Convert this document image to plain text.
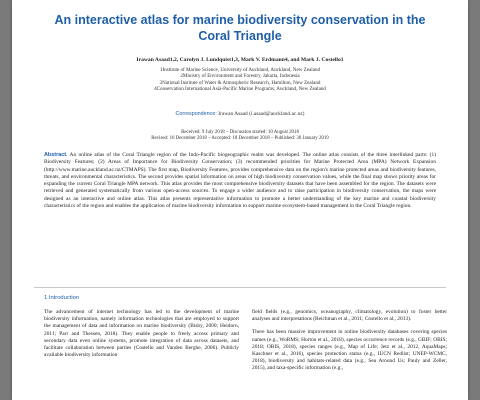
An interactive atlas for marine biodiversity conservation in the Coral Triangle
Irawan Asaad1,2, Carolyn J. Lundquist1,3, Mark V. Erdmann4, and Mark J. Costello1
1Institute of Marine Science, University of Auckland, Auckland, New Zealand
2Ministry of Environment and Forestry, Jakarta, Indonesia
3National Institute of Water & Atmospheric Research, Hamilton, New Zealand
4Conservation International Asia-Pacific Marine Programs, Auckland, New Zealand
Correspondence: Irawan Asaad (i.asaad@auckland.ac.nz)
Received: 9 July 2018 – Discussion started: 10 August 2018
Revised: 16 December 2018 – Accepted: 18 December 2018 – Published: 30 January 2019
Abstract. An online atlas of the Coral Triangle region of the Indo-Pacific biogeographic realm was developed. The online atlas consists of the three interlinked parts: (1) Biodiversity Features; (2) Areas of Importance for Biodiversity Conservation; (3) recommended priorities for Marine Protected Area (MPA) Network Expansion (http://www.marine.auckland.ac.nz/CTMAPS). The first map, Biodiversity Features, provides comprehensive data on the region's marine protected areas and biodiversity features, threats, and environmental characteristics. The second provides spatial information on areas of high biodiversity conservation values, while the final map shows priority areas for expanding the current Coral Triangle MPA network. This atlas provides the most comprehensive biodiversity datasets that have been assembled for the region. The datasets were retrieved and generated systematically from various open-access sources. To engage a wider audience and to raise participation in biodiversity conservation, the maps were designed as an interactive and online atlas. This atlas presents representative information to promote a better understanding of the key marine and coastal biodiversity characteristics of the region and enables the application of marine biodiversity information to support marine ecosystem-based management in the Coral Triangle region.
1 Introduction

The advancement of internet technology has led to the development of marine biodiversity information, namely information technologies that are employed to support the management of data and information on marine biodiversity (Bisby, 2000; Heidorn, 2011; Parr and Thessen, 2018). They enable people to freely access primary and secondary data even online systems, promote integration of data across datasets, and facilitate collaboration between parties (Costello and Vanden Berghe, 2006). Publicly available biodiversity information

field fields (e.g., genomics, oceanography, climatology, evolution) to foster better analyses and interpretations (Reichman et al., 2011; Costello et al., 2013).

There has been massive improvement in online biodiversity databases covering species names (e.g., WoRMS; Horton et al., 2018), species occurrence records (e.g., GBIF; OBIS; 2018; OBIS, 2018), species ranges (e.g., Map of Life; Jetz et al., 2012, AquaMaps; Kaschner et al., 2016), species protection status (e.g., IUCN Redlist; UNEP-WCMC, 2018), biodiversity and habitats-related data (e.g., Sea Around Us; Pauly and Zeller, 2015), and taxa-specific information (e.g.,
